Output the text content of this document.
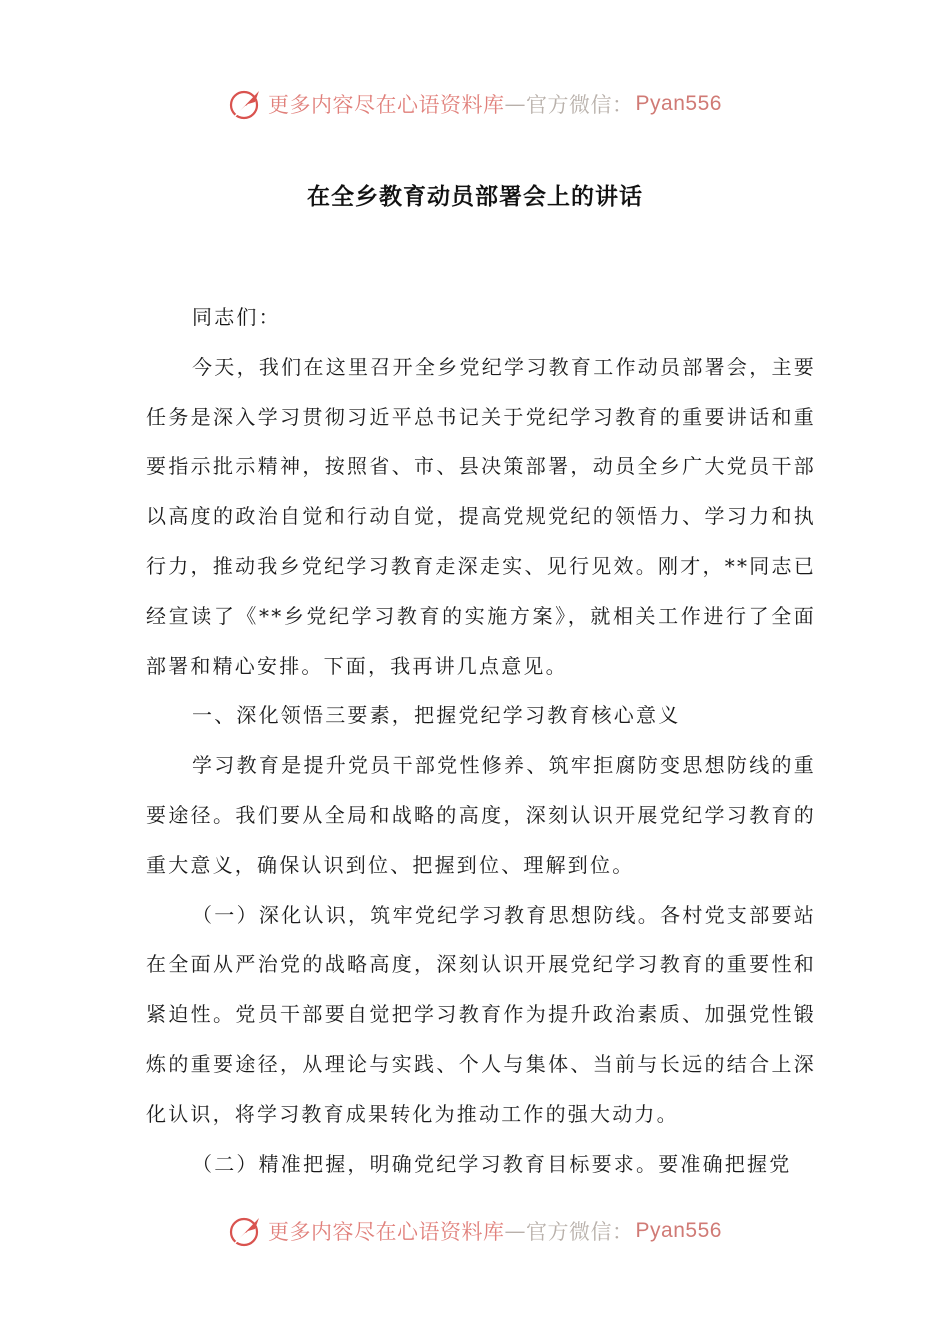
更多内容尽在心语资料库 — 官方微信： Pyan556
在全乡教育动员部署会上的讲话

同志们：

今天，我们在这里召开全乡党纪学习教育工作动员部署会，主要任务是深入学习贯彻习近平总书记关于党纪学习教育的重要讲话和重要指示批示精神，按照省、市、县决策部署，动员全乡广大党员干部以高度的政治自觉和行动自觉，提高党规党纪的领悟力、学习力和执行力，推动我乡党纪学习教育走深走实、见行见效。刚才，**同志已经宣读了《**乡党纪学习教育的实施方案》，就相关工作进行了全面部署和精心安排。下面，我再讲几点意见。

一、深化领悟三要素，把握党纪学习教育核心意义

学习教育是提升党员干部党性修养、筑牢拒腐防变思想防线的重要途径。我们要从全局和战略的高度，深刻认识开展党纪学习教育的重大意义，确保认识到位、把握到位、理解到位。

（一）深化认识，筑牢党纪学习教育思想防线。各村党支部要站在全面从严治党的战略高度，深刻认识开展党纪学习教育的重要性和紧迫性。党员干部要自觉把学习教育作为提升政治素质、加强党性锻炼的重要途径，从理论与实践、个人与集体、当前与长远的结合上深化认识，将学习教育成果转化为推动工作的强大动力。

（二）精准把握，明确党纪学习教育目标要求。要准确把握党

更多内容尽在心语资料库 — 官方微信： Pyan556
